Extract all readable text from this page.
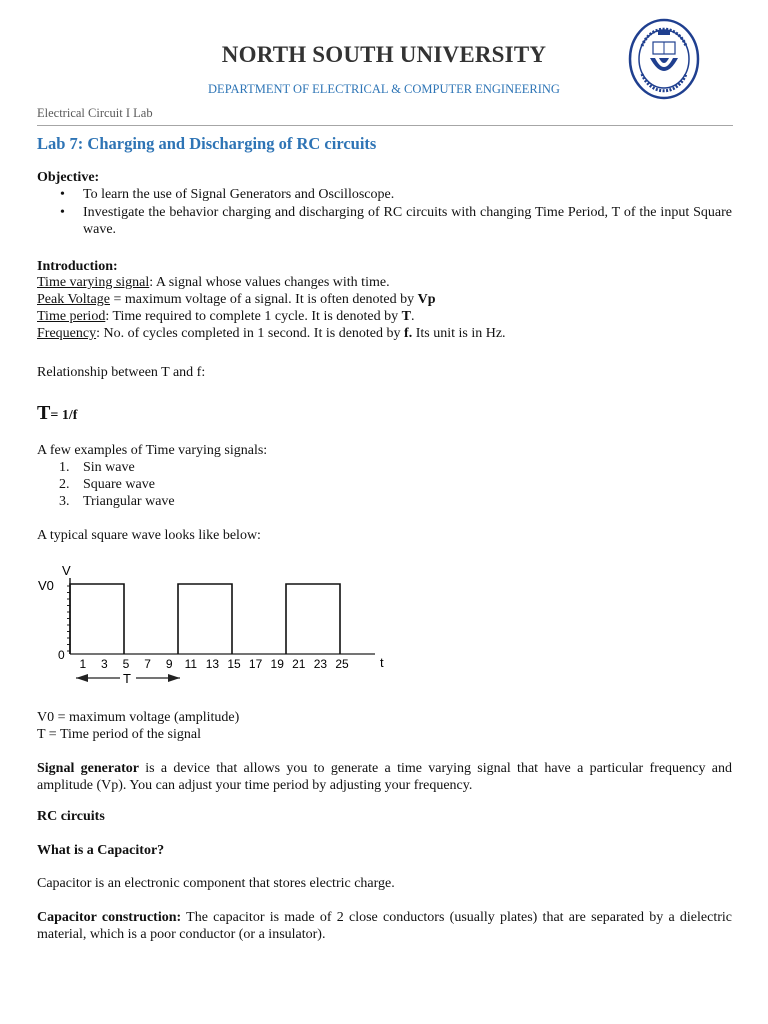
NORTH SOUTH UNIVERSITY
DEPARTMENT OF ELECTRICAL & COMPUTER ENGINEERING
Electrical Circuit I Lab
Lab 7: Charging and Discharging of RC circuits
Objective:
• To learn the use of Signal Generators and Oscilloscope.
• Investigate the behavior charging and discharging of RC circuits with changing Time Period, T of the input Square wave.
Introduction:
Time varying signal: A signal whose values changes with time.
Peak Voltage = maximum voltage of a signal. It is often denoted by Vp
Time period: Time required to complete 1 cycle. It is denoted by T.
Frequency: No. of cycles completed in 1 second. It is denoted by f. Its unit is in Hz.
Relationship between T and f:
T= 1/f
A few examples of Time varying signals:
1. Sin wave
2. Square wave
3. Triangular wave
A typical square wave looks like below:
V
V0
0	t
1 3 5 7 9 11 13 15 17 19 21 23 25
T
V0 = maximum voltage (amplitude)
T = Time period of the signal
Signal generator is a device that allows you to generate a time varying signal that have a particular frequency and amplitude (Vp). You can adjust your time period by adjusting your frequency.
RC circuits
What is a Capacitor?
Capacitor is an electronic component that stores electric charge.
Capacitor construction: The capacitor is made of 2 close conductors (usually plates) that are separated by a dielectric material, which is a poor conductor (or a insulator).
